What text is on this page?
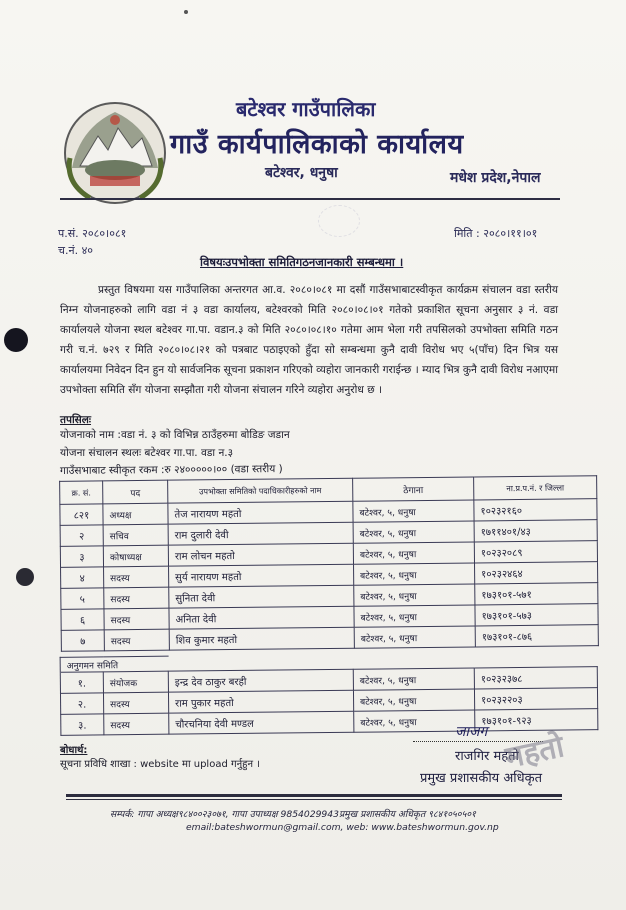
बटेश्वर गाउँपालिका
गाउँ कार्यपालिकाको कार्यालय
बटेश्वर, धनुषा	मधेश प्रदेश,नेपाल
प.सं. २०८०।०८१
च.नं. ४०
मिति : २०८०।११।०१
विषयःउपभोक्ता समितिगठनजानकारी सम्बन्धमा ।
प्रस्तुत विषयमा यस गाउँपालिका अन्तरगत आ.व. २०८०।०८१ मा दसौं गाउँसभाबाटस्वीकृत कार्यक्रम संचालन वडा स्तरीय निम्न योजनाहरुको लागि वडा नं ३ वडा कार्यालय, बटेश्वरको मिति २०८०।०८।०१ गतेको प्रकाशित सूचना अनुसार ३ नं. वडा कार्यालयले योजना स्थल बटेश्वर गा.पा. वडान.३ को मिति २०८०।०८।१० गतेमा आम भेला गरी तपसिलको उपभोक्ता समिति गठन गरी च.नं. ७२९ र मिति २०८०।०८।२१ को पत्रबाट पठाइएको हुँदा सो सम्बन्धमा कुनै दावी विरोध भए ५(पाँच) दिन भित्र यस कार्यालयमा निवेदन दिन हुन यो सार्वजनिक सूचना प्रकाशन गरिएको व्यहोरा जानकारी गराईन्छ । म्याद भित्र कुनै दावी विरोध नआएमा उपभोक्ता समिति सँग योजना सम्झौता गरी योजना संचालन गरिने व्यहोरा अनुरोध छ ।
तपसिलः
योजनाको नाम :वडा नं. ३ को विभिन्न ठाउँहरुमा बोडिङ जडान
योजना संचालन स्थलः बटेश्वर गा.पा. वडा न.३
गाउँसभाबाट स्वीकृत रकम :रु २४०००००।०० (वडा स्तरीय )
क्र. सं.	पद	उपभोक्ता समितिको पदाधिकारीहरुको नाम	ठेगाना	ना.प्र.प.नं. र जिल्ला
८२१	अध्यक्ष	तेज नारायण महतो	बटेश्वर, ५, धनुषा	१०२३२१६०
२	सचिव	राम दुलारी देवी	बटेश्वर, ५, धनुषा	१७११४०१/४३
३	कोषाध्यक्ष	राम लोचन महतो	बटेश्वर, ५, धनुषा	१०२३२०८९
४	सदस्य	सुर्य नारायण महतो	बटेश्वर, ५, धनुषा	१०२३२४६४
५	सदस्य	सुनिता देवी	बटेश्वर, ५, धनुषा	१७३१०१-५७१
६	सदस्य	अनिता देवी	बटेश्वर, ५, धनुषा	१७३१०१-५७३
७	सदस्य	शिव कुमार महतो	बटेश्वर, ५, धनुषा	१७३१०१-८७६
अनुगमन समिति				
१.	संयोजक	इन्द्र देव ठाकुर बरही	बटेश्वर, ५, धनुषा	१०२३२३७८
२.	सदस्य	राम पुकार महतो	बटेश्वर, ५, धनुषा	१०२३२२०३
३.	सदस्य	चौरचनिया देवी मण्डल	बटेश्वर, ५, धनुषा	१७३१०१-९२३
बोधार्थ:
सूचना प्रविधि शाखा : website मा upload गर्नुहुन ।
जाजग
राजगिर महतो
प्रमुख प्रशासकीय अधिकृत
महतो
सम्पर्क: गापा अध्यक्ष९८४००२३०७१, गापा उपाध्यक्ष 9854029943प्रमुख प्रशासकीय अधिकृत ९८४१०५०५०१
email:bateshwormun@gmail.com, web: www.bateshwormun.gov.np
